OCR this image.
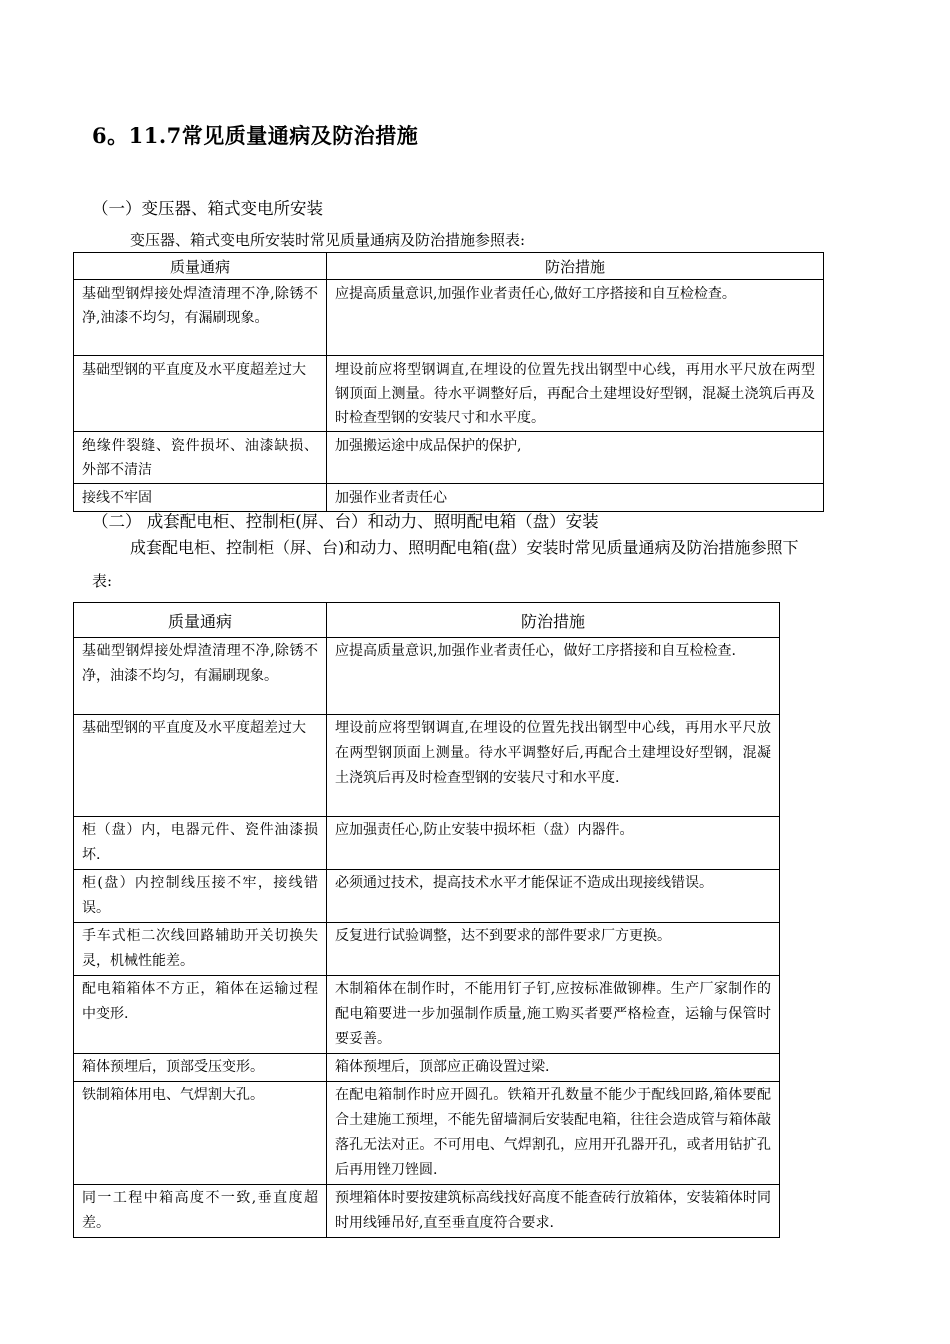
6。11.7常见质量通病及防治措施
（一）变压器、箱式变电所安装
变压器、箱式变电所安装时常见质量通病及防治措施参照表:
质量通病	防治措施
基础型钢焊接处焊渣清理不净,除锈不净,油漆不均匀，有漏刷现象。	应提高质量意识,加强作业者责任心,做好工序搭接和自互检检查。
基础型钢的平直度及水平度超差过大	埋设前应将型钢调直,在埋设的位置先找出钢型中心线，再用水平尺放在两型钢顶面上测量。待水平调整好后，再配合土建埋设好型钢，混凝土浇筑后再及时检查型钢的安装尺寸和水平度。
绝缘件裂缝、瓷件损坏、油漆缺损、外部不清洁	加强搬运途中成品保护的保护,
接线不牢固	加强作业者责任心
（二） 成套配电柜、控制柜(屏、台）和动力、照明配电箱（盘）安装
成套配电柜、控制柜（屏、台)和动力、照明配电箱(盘）安装时常见质量通病及防治措施参照下
表:
质量通病	防治措施
基础型钢焊接处焊渣清理不净,除锈不净，油漆不均匀，有漏刷现象。	应提高质量意识,加强作业者责任心，做好工序搭接和自互检检查.
基础型钢的平直度及水平度超差过大	埋设前应将型钢调直,在埋设的位置先找出钢型中心线，再用水平尺放在两型钢顶面上测量。待水平调整好后,再配合土建埋设好型钢，混凝土浇筑后再及时检查型钢的安装尺寸和水平度.
柜（盘）内，电器元件、瓷件油漆损坏.	应加强责任心,防止安装中损坏柜（盘）内器件。
柜(盘）内控制线压接不牢，接线错误。	必须通过技术，提高技术水平才能保证不造成出现接线错误。
手车式柜二次线回路辅助开关切换失灵，机械性能差。	反复进行试验调整，达不到要求的部件要求厂方更换。
配电箱箱体不方正，箱体在运输过程中变形.	木制箱体在制作时，不能用钉子钉,应按标准做铆榫。生产厂家制作的配电箱要进一步加强制作质量,施工购买者要严格检查，运输与保管时要妥善。
箱体预埋后，顶部受压变形。	箱体预埋后，顶部应正确设置过梁.
铁制箱体用电、气焊割大孔。	在配电箱制作时应开圆孔。铁箱开孔数量不能少于配线回路,箱体要配合土建施工预埋，不能先留墙洞后安装配电箱，往往会造成管与箱体敲落孔无法对正。不可用电、气焊割孔，应用开孔器开孔，或者用钻扩孔后再用锉刀锉圆.
同一工程中箱高度不一致,垂直度超差。	预埋箱体时要按建筑标高线找好高度不能查砖行放箱体，安装箱体时同时用线锤吊好,直至垂直度符合要求.
